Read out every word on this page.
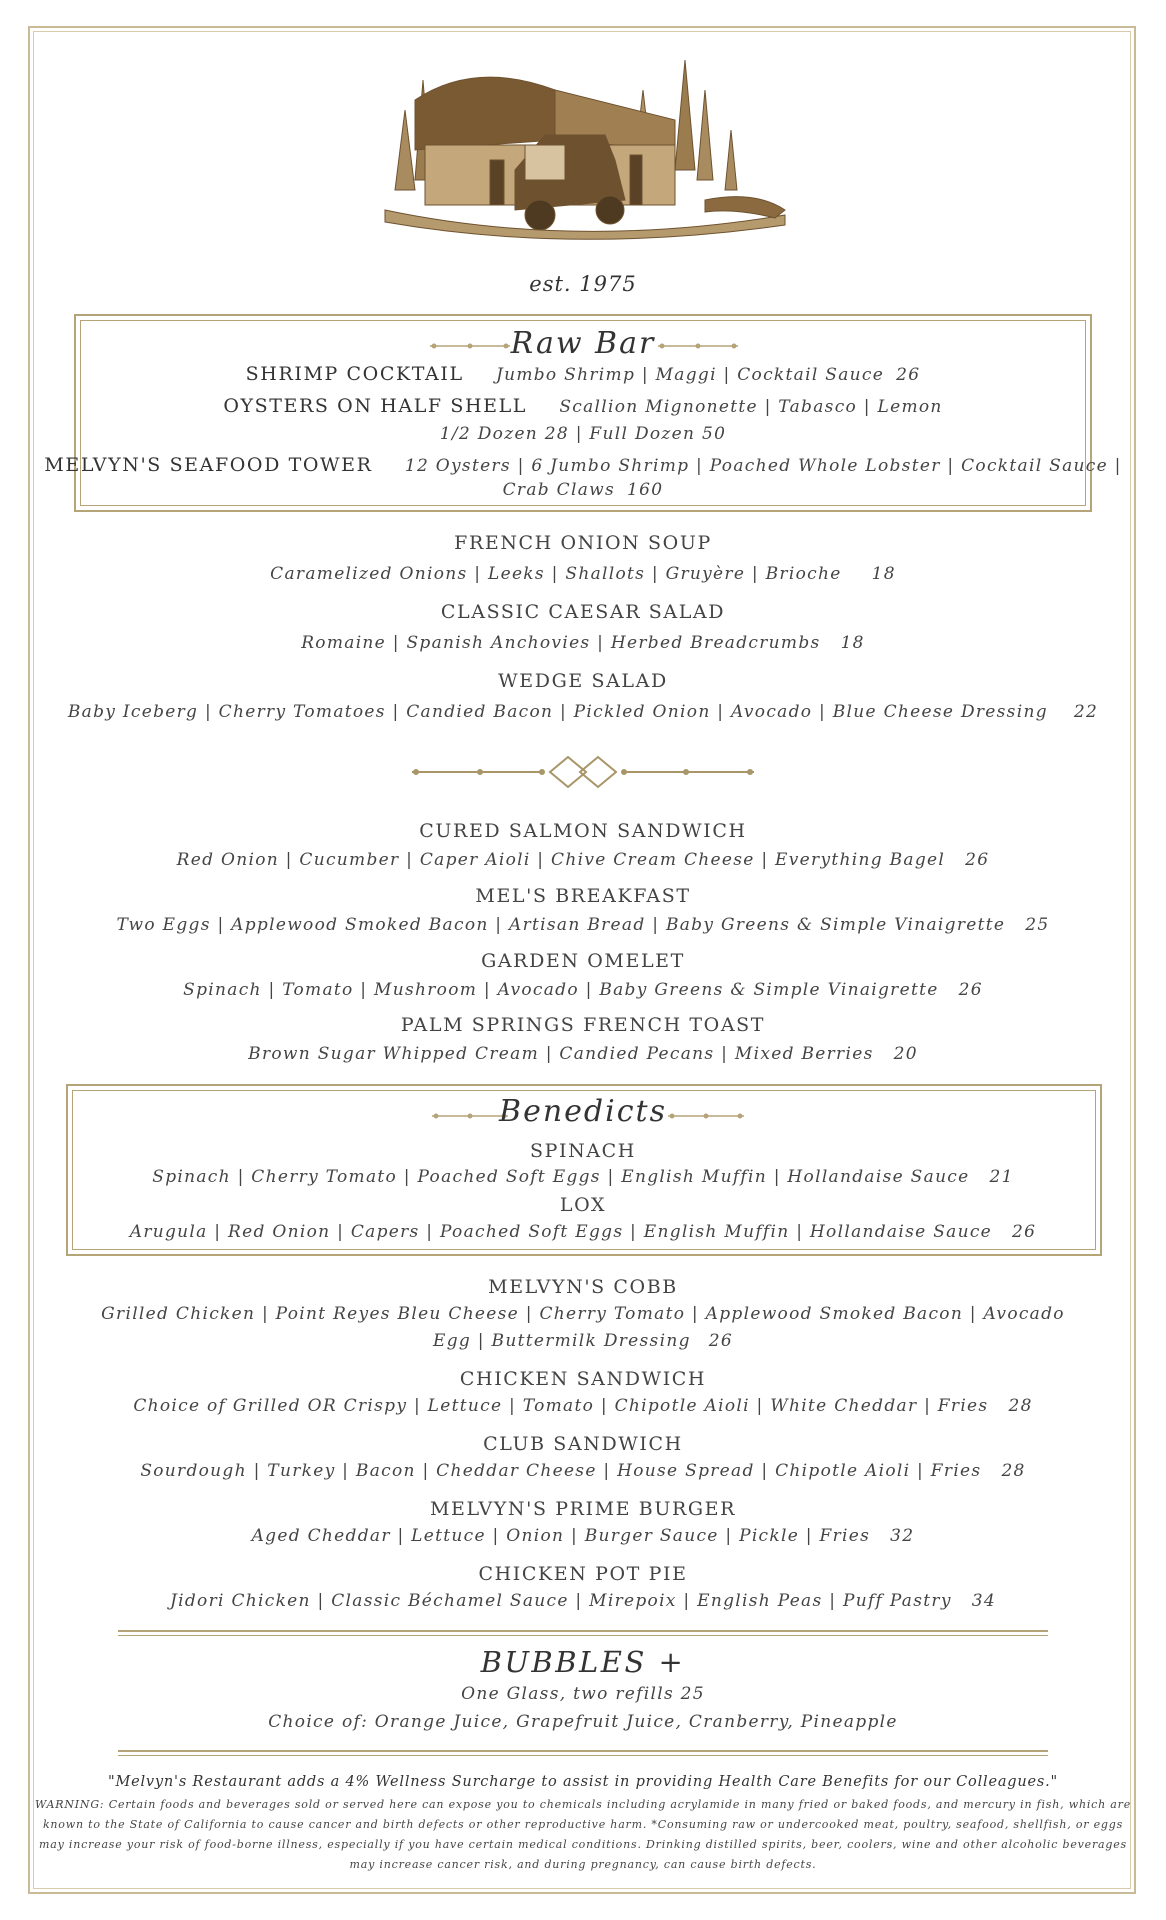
est. 1975
Raw Bar
SHRIMP COCKTAIL Jumbo Shrimp | Maggi | Cocktail Sauce 26
OYSTERS ON HALF SHELL Scallion Mignonette | Tabasco | Lemon
1/2 Dozen 28 | Full Dozen 50
MELVYN'S SEAFOOD TOWER 12 Oysters | 6 Jumbo Shrimp | Poached Whole Lobster | Cocktail Sauce |
Crab Claws 160
FRENCH ONION SOUP
Caramelized Onions | Leeks | Shallots | Gruyère | Brioche 18
CLASSIC CAESAR SALAD
Romaine | Spanish Anchovies | Herbed Breadcrumbs 18
WEDGE SALAD
Baby Iceberg | Cherry Tomatoes | Candied Bacon | Pickled Onion | Avocado | Blue Cheese Dressing 22
CURED SALMON SANDWICH
Red Onion | Cucumber | Caper Aioli | Chive Cream Cheese | Everything Bagel 26
MEL'S BREAKFAST
Two Eggs | Applewood Smoked Bacon | Artisan Bread | Baby Greens & Simple Vinaigrette 25
GARDEN OMELET
Spinach | Tomato | Mushroom | Avocado | Baby Greens & Simple Vinaigrette 26
PALM SPRINGS FRENCH TOAST
Brown Sugar Whipped Cream | Candied Pecans | Mixed Berries 20
Benedicts
SPINACH
Spinach | Cherry Tomato | Poached Soft Eggs | English Muffin | Hollandaise Sauce 21
LOX
Arugula | Red Onion | Capers | Poached Soft Eggs | English Muffin | Hollandaise Sauce 26
MELVYN'S COBB
Grilled Chicken | Point Reyes Bleu Cheese | Cherry Tomato | Applewood Smoked Bacon | Avocado
Egg | Buttermilk Dressing 26
CHICKEN SANDWICH
Choice of Grilled OR Crispy | Lettuce | Tomato | Chipotle Aioli | White Cheddar | Fries 28
CLUB SANDWICH
Sourdough | Turkey | Bacon | Cheddar Cheese | House Spread | Chipotle Aioli | Fries 28
MELVYN'S PRIME BURGER
Aged Cheddar | Lettuce | Onion | Burger Sauce | Pickle | Fries 32
CHICKEN POT PIE
Jidori Chicken | Classic Béchamel Sauce | Mirepoix | English Peas | Puff Pastry 34
BUBBLES +
One Glass, two refills 25
Choice of: Orange Juice, Grapefruit Juice, Cranberry, Pineapple
"Melvyn's Restaurant adds a 4% Wellness Surcharge to assist in providing Health Care Benefits for our Colleagues."
WARNING: Certain foods and beverages sold or served here can expose you to chemicals including acrylamide in many fried or baked foods, and mercury in fish, which are known to the State of California to cause cancer and birth defects or other reproductive harm. *Consuming raw or undercooked meat, poultry, seafood, shellfish, or eggs may increase your risk of food-borne illness, especially if you have certain medical conditions. Drinking distilled spirits, beer, coolers, wine and other alcoholic beverages may increase cancer risk, and during pregnancy, can cause birth defects.
